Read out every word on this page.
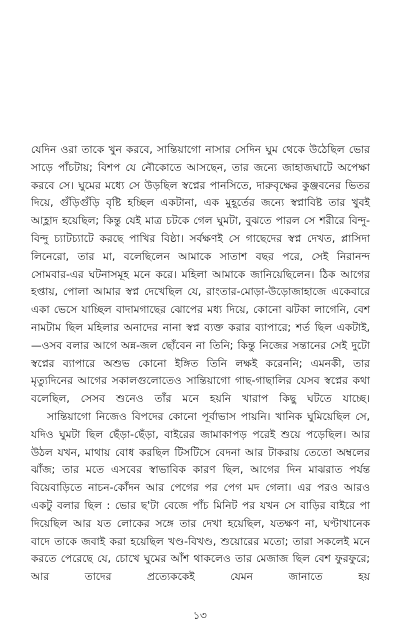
যেদিন ওরা তাকে খুন করবে, সান্তিয়াগো নাসার সেদিন ঘুম থেকে উঠেছিল ভোর সাড়ে পাঁচটায়; বিশপ যে নৌকোতে আসছেন, তার জন্যে জাহাজঘাটে অপেক্ষা করবে সে। ঘুমের মধ্যে সে উড়ছিল স্বপ্নের পানসিতে, দারুবৃক্ষের কুঞ্জবনের ভিতর দিয়ে, গুঁড়িগুঁড়ি বৃষ্টি হচ্ছিল একটানা, এক মুহূর্তের জন্যে স্বপ্নাবিষ্ট তার খুবই আহ্লাদ হয়েছিল; কিন্তু যেই মাত্র চটকে গেল ঘুমটা, বুঝতে পারল সে শরীরে বিন্দু-বিন্দু চ্যাটচ্যাটে করছে পাখির বিষ্ঠা। সর্বক্ষণই সে গাছেদের স্বপ্ন দেখত, প্লাসিদা লিনেরো, তার মা, বলেছিলেন আমাকে সাতাশ বছর পরে, সেই নিরানন্দ সোমবার-এর ঘটনাসমূহ মনে করে। মহিলা আমাকে জানিয়েছিলেন। ঠিক আগের হপ্তায়, পোলা আমার স্বপ্ন দেখেছিল যে, রাংতার-মোড়া-উড়োজাহাজে একেবারে একা ভেসে যাচ্ছিল বাদামগাছের ঝোপের মধ্য দিয়ে, কোনো ঝটকা লাগেনি, বেশ নামটাম ছিল মহিলার অনাদের নানা স্বপ্ন ব্যক্ত করার ব্যাপারে; শর্ত ছিল একটাই, —ওসব বলার আগে অন্ন-জল ছোঁবেন না তিনি; কিন্তু নিজের সন্তানের সেই দুটো স্বপ্নের ব্যাপারে অশুভ কোনো ইঙ্গিত তিনি লক্ষই করেননি; এমনকী, তার মৃত্যুদিনের আগের সকালগুলোতেও সান্তিয়াগো গাছ-গাছালির যেসব স্বপ্নের কথা বলেছিল, সেসব শুনেও তাঁর মনে হয়নি খারাপ কিছু ঘটতে যাচ্ছে।

সান্তিয়াগো নিজেও বিপদের কোনো পূর্বাভাস পায়নি। খানিক ঘুমিয়েছিল সে, যদিও ঘুমটা ছিল ছেঁড়া-ছেঁড়া, বাইরের জামাকাপড় পরেই শুয়ে পড়েছিল। আর উঠল যখন, মাথায় বোধ করছিল টিসটিসে বেদনা আর টাকরায় তেতো অম্বলের ঝাঁজ; তার মতে এসবের স্বাভাবিক কারণ ছিল, আগের দিন মাঝরাত পর্যন্ত বিয়েবাড়িতে নাচন-কোঁদন আর পেগের পর পেগ মদ গেলা। এর পরও আরও একটু বলার ছিল : ভোর ছ'টা বেজে পাঁচ মিনিট পর যখন সে বাড়ির বাইরে পা দিয়েছিল আর যত লোকের সঙ্গে তার দেখা হয়েছিল, যতক্ষণ না, ঘণ্টাখানেক বাদে তাকে জবাই করা হয়েছিল খণ্ড-বিখণ্ড, শুয়োরের মতো; তারা সকলেই মনে করতে পেরেছে যে, চোখে ঘুমের আঁশ থাকলেও তার মেজাজ ছিল বেশ ফুরফুরে; আর তাদের প্রত্যেককেই যেমন জানাতে হয়

১৩
